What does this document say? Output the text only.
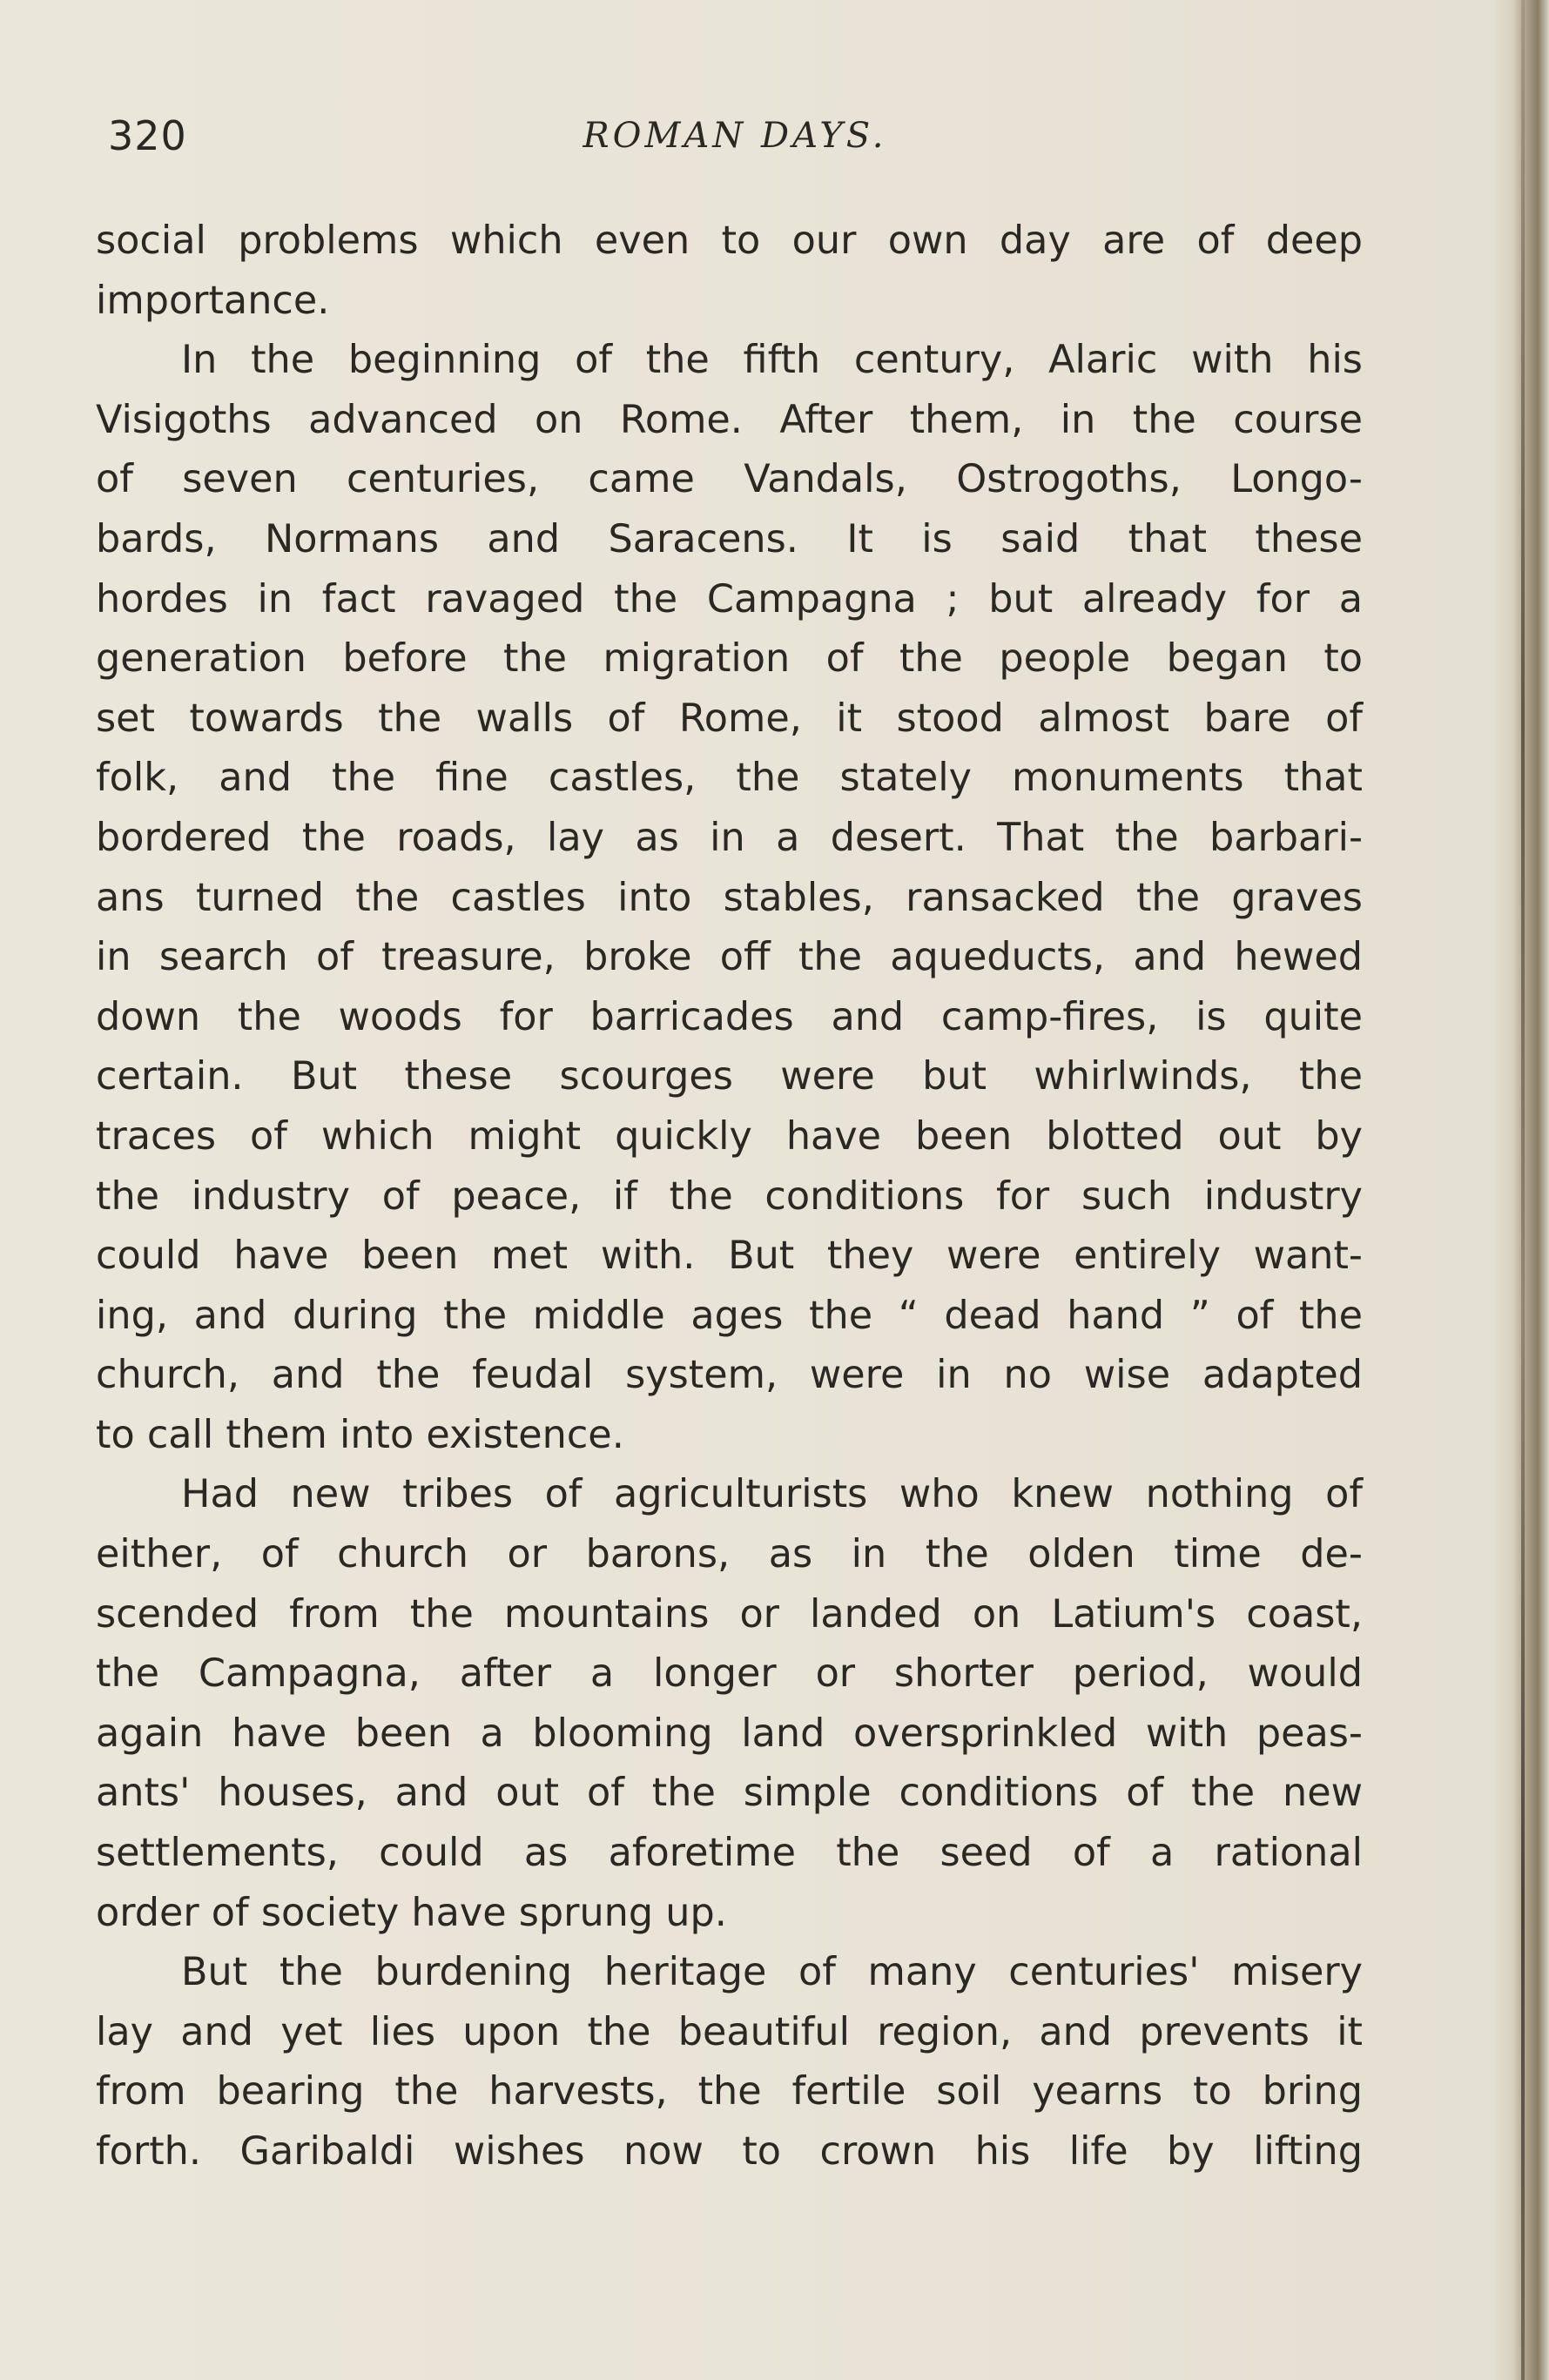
320	ROMAN DAYS.
social problems which even to our own day are of deep
importance.
In the beginning of the fifth century, Alaric with his
Visigoths advanced on Rome. After them, in the course
of seven centuries, came Vandals, Ostrogoths, Longo-
bards, Normans and Saracens. It is said that these
hordes in fact ravaged the Campagna ; but already for a
generation before the migration of the people began to
set towards the walls of Rome, it stood almost bare of
folk, and the fine castles, the stately monuments that
bordered the roads, lay as in a desert. That the barbari-
ans turned the castles into stables, ransacked the graves
in search of treasure, broke off the aqueducts, and hewed
down the woods for barricades and camp-fires, is quite
certain. But these scourges were but whirlwinds, the
traces of which might quickly have been blotted out by
the industry of peace, if the conditions for such industry
could have been met with. But they were entirely want-
ing, and during the middle ages the “ dead hand ” of the
church, and the feudal system, were in no wise adapted
to call them into existence.
Had new tribes of agriculturists who knew nothing of
either, of church or barons, as in the olden time de-
scended from the mountains or landed on Latium's coast,
the Campagna, after a longer or shorter period, would
again have been a blooming land oversprinkled with peas-
ants' houses, and out of the simple conditions of the new
settlements, could as aforetime the seed of a rational
order of society have sprung up.
But the burdening heritage of many centuries' misery
lay and yet lies upon the beautiful region, and prevents it
from bearing the harvests, the fertile soil yearns to bring
forth. Garibaldi wishes now to crown his life by lifting
